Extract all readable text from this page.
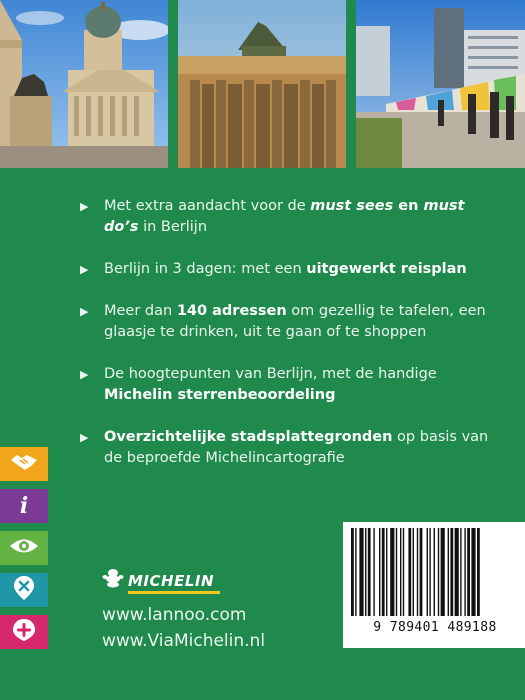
▶	Met extra aandacht voor de must sees en must do’s in Berlijn
▶	Berlijn in 3 dagen: met een uitgewerkt reisplan
▶	Meer dan 140 adressen om gezellig te tafelen, een glaasje te drinken, uit te gaan of te shoppen
▶	De hoogtepunten van Berlijn, met de handige Michelin sterrenbeoordeling
▶	Overzichtelijke stadsplattegronden op basis van de beproefde Michelincartografie
i
MICHELIN
www.lannoo.com
www.ViaMichelin.nl
9 789401 489188
